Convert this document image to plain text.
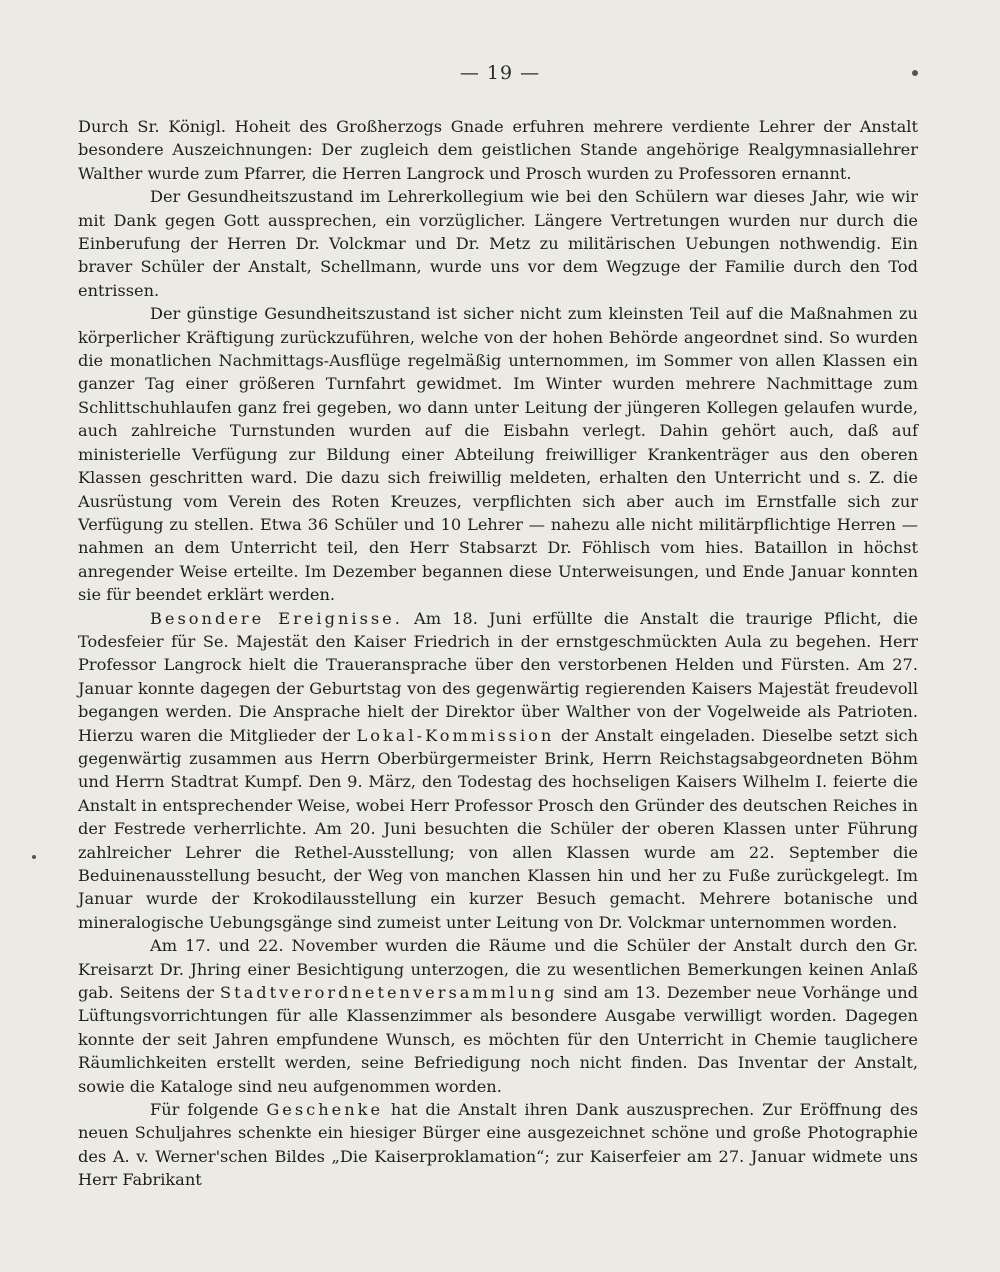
— 19 —

Durch Sr. Königl. Hoheit des Großherzogs Gnade erfuhren mehrere verdiente Lehrer der Anstalt besondere Auszeichnungen: Der zugleich dem geistlichen Stande angehörige Realgymnasiallehrer Walther wurde zum Pfarrer, die Herren Langrock und Prosch wurden zu Professoren ernannt.

Der Gesundheitszustand im Lehrerkollegium wie bei den Schülern war dieses Jahr, wie wir mit Dank gegen Gott aussprechen, ein vorzüglicher. Längere Vertretungen wurden nur durch die Einberufung der Herren Dr. Volckmar und Dr. Metz zu militärischen Uebungen nothwendig. Ein braver Schüler der Anstalt, Schellmann, wurde uns vor dem Wegzuge der Familie durch den Tod entrissen.

Der günstige Gesundheitszustand ist sicher nicht zum kleinsten Teil auf die Maßnahmen zu körperlicher Kräftigung zurückzuführen, welche von der hohen Behörde angeordnet sind. So wurden die monatlichen Nachmittags-Ausflüge regelmäßig unternommen, im Sommer von allen Klassen ein ganzer Tag einer größeren Turnfahrt gewidmet. Im Winter wurden mehrere Nachmittage zum Schlittschuhlaufen ganz frei gegeben, wo dann unter Leitung der jüngeren Kollegen gelaufen wurde, auch zahlreiche Turnstunden wurden auf die Eisbahn verlegt. Dahin gehört auch, daß auf ministerielle Verfügung zur Bildung einer Abteilung freiwilliger Krankenträger aus den oberen Klassen geschritten ward. Die dazu sich freiwillig meldeten, erhalten den Unterricht und s. Z. die Ausrüstung vom Verein des Roten Kreuzes, verpflichten sich aber auch im Ernstfalle sich zur Verfügung zu stellen. Etwa 36 Schüler und 10 Lehrer — nahezu alle nicht militärpflichtige Herren — nahmen an dem Unterricht teil, den Herr Stabsarzt Dr. Föhlisch vom hies. Bataillon in höchst anregender Weise erteilte. Im Dezember begannen diese Unterweisungen, und Ende Januar konnten sie für beendet erklärt werden.

Besondere Ereignisse. Am 18. Juni erfüllte die Anstalt die traurige Pflicht, die Todesfeier für Se. Majestät den Kaiser Friedrich in der ernstgeschmückten Aula zu begehen. Herr Professor Langrock hielt die Traueransprache über den verstorbenen Helden und Fürsten. Am 27. Januar konnte dagegen der Geburtstag von des gegenwärtig regierenden Kaisers Majestät freudevoll begangen werden. Die Ansprache hielt der Direktor über Walther von der Vogelweide als Patrioten. Hierzu waren die Mitglieder der Lokal-Kommission der Anstalt eingeladen. Dieselbe setzt sich gegenwärtig zusammen aus Herrn Oberbürgermeister Brink, Herrn Reichstagsabgeordneten Böhm und Herrn Stadtrat Kumpf. Den 9. März, den Todestag des hochseligen Kaisers Wilhelm I. feierte die Anstalt in entsprechender Weise, wobei Herr Professor Prosch den Gründer des deutschen Reiches in der Festrede verherrlichte. Am 20. Juni besuchten die Schüler der oberen Klassen unter Führung zahlreicher Lehrer die Rethel-Ausstellung; von allen Klassen wurde am 22. September die Beduinenausstellung besucht, der Weg von manchen Klassen hin und her zu Fuße zurückgelegt. Im Januar wurde der Krokodilausstellung ein kurzer Besuch gemacht. Mehrere botanische und mineralogische Uebungsgänge sind zumeist unter Leitung von Dr. Volckmar unternommen worden.

Am 17. und 22. November wurden die Räume und die Schüler der Anstalt durch den Gr. Kreisarzt Dr. Jhring einer Besichtigung unterzogen, die zu wesentlichen Bemerkungen keinen Anlaß gab. Seitens der Stadtverordnetenversammlung sind am 13. Dezember neue Vorhänge und Lüftungsvorrichtungen für alle Klassenzimmer als besondere Ausgabe verwilligt worden. Dagegen konnte der seit Jahren empfundene Wunsch, es möchten für den Unterricht in Chemie tauglichere Räumlichkeiten erstellt werden, seine Befriedigung noch nicht finden. Das Inventar der Anstalt, sowie die Kataloge sind neu aufgenommen worden.

Für folgende Geschenke hat die Anstalt ihren Dank auszusprechen. Zur Eröffnung des neuen Schuljahres schenkte ein hiesiger Bürger eine ausgezeichnet schöne und große Photographie des A. v. Werner'schen Bildes „Die Kaiserproklamation“; zur Kaiserfeier am 27. Januar widmete uns Herr Fabrikant
